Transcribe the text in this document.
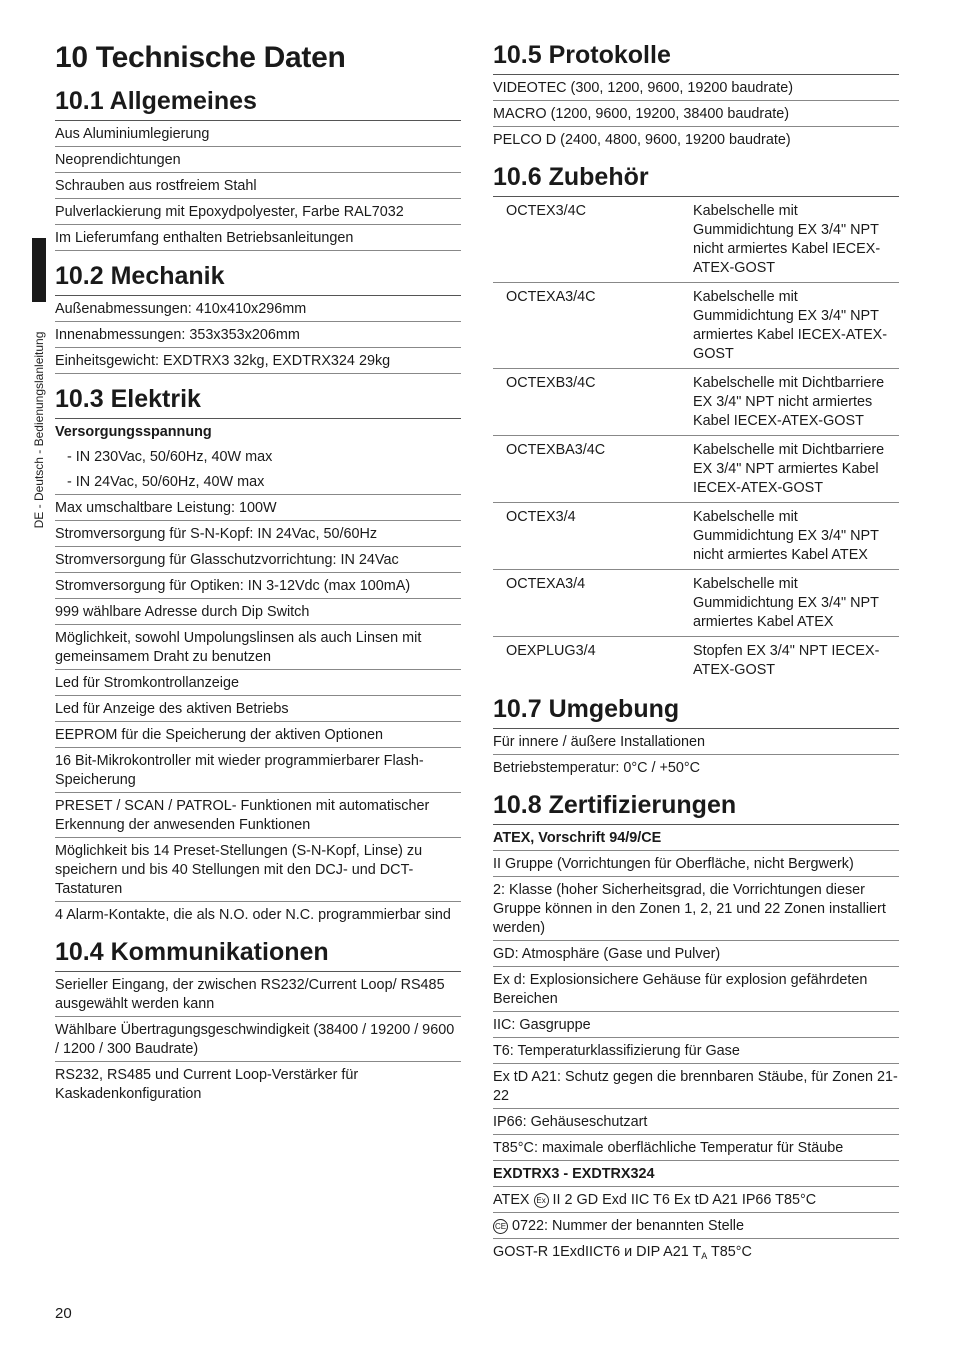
DE - Deutsch - Bedienungslanleitung
10 Technische Daten
10.1 Allgemeines
Aus Aluminiumlegierung
Neoprendichtungen
Schrauben aus rostfreiem Stahl
Pulverlackierung mit Epoxydpolyester, Farbe RAL7032
Im Lieferumfang enthalten Betriebsanleitungen
10.2 Mechanik
Außenabmessungen: 410x410x296mm
Innenabmessungen: 353x353x206mm
Einheitsgewicht: EXDTRX3 32kg, EXDTRX324 29kg
10.3 Elektrik
Versorgungsspannung
- IN 230Vac, 50/60Hz, 40W max
- IN 24Vac, 50/60Hz, 40W max
Max umschaltbare Leistung: 100W
Stromversorgung für S-N-Kopf: IN 24Vac, 50/60Hz
Stromversorgung für Glasschutzvorrichtung: IN 24Vac
Stromversorgung für Optiken: IN 3-12Vdc (max 100mA)
999 wählbare Adresse durch Dip Switch
Möglichkeit, sowohl Umpolungslinsen als auch Linsen mit gemeinsamem Draht zu benutzen
Led für Stromkontrollanzeige
Led für Anzeige des aktiven Betriebs
EEPROM für die Speicherung der aktiven Optionen
16 Bit-Mikrokontroller mit wieder programmierbarer Flash-Speicherung
PRESET / SCAN / PATROL- Funktionen mit automatischer Erkennung der anwesenden Funktionen
Möglichkeit bis 14 Preset-Stellungen (S-N-Kopf, Linse) zu speichern und bis 40 Stellungen mit den DCJ- und DCT- Tastaturen
4 Alarm-Kontakte, die als N.O. oder N.C. programmierbar sind
10.4 Kommunikationen
Serieller Eingang, der zwischen RS232/Current Loop/ RS485 ausgewählt werden kann
Wählbare Übertragungsgeschwindigkeit (38400 / 19200 / 9600 / 1200 / 300 Baudrate)
RS232, RS485 und Current Loop-Verstärker für Kaskadenkonfiguration
10.5 Protokolle
VIDEOTEC (300, 1200, 9600, 19200 baudrate)
MACRO (1200, 9600, 19200, 38400 baudrate)
PELCO D (2400, 4800, 9600, 19200 baudrate)
10.6 Zubehör
OCTEX3/4C	Kabelschelle mit Gummidichtung EX 3/4" NPT nicht armiertes Kabel IECEX-ATEX-GOST
OCTEXA3/4C	Kabelschelle mit Gummidichtung EX 3/4" NPT armiertes Kabel IECEX-ATEX-GOST
OCTEXB3/4C	Kabelschelle mit Dichtbarriere EX 3/4" NPT nicht armiertes Kabel IECEX-ATEX-GOST
OCTEXBA3/4C	Kabelschelle mit Dichtbarriere EX 3/4" NPT armiertes Kabel IECEX-ATEX-GOST
OCTEX3/4	Kabelschelle mit Gummidichtung EX 3/4" NPT nicht armiertes Kabel ATEX
OCTEXA3/4	Kabelschelle mit Gummidichtung EX 3/4" NPT armiertes Kabel ATEX
OEXPLUG3/4	Stopfen EX 3/4" NPT IECEX-ATEX-GOST
10.7 Umgebung
Für innere / äußere Installationen
Betriebstemperatur: 0°C / +50°C
10.8 Zertifizierungen
ATEX, Vorschrift 94/9/CE
II Gruppe (Vorrichtungen für Oberfläche, nicht Bergwerk)
2: Klasse (hoher Sicherheitsgrad, die Vorrichtungen dieser Gruppe können in den Zonen 1, 2, 21 und 22 Zonen installiert werden)
GD: Atmosphäre (Gase und Pulver)
Ex d: Explosionsichere Gehäuse für explosion gefährdeten Bereichen
IIC: Gasgruppe
T6: Temperaturklassifizierung für Gase
Ex tD A21: Schutz gegen die brennbaren Stäube, für Zonen 21-22
IP66: Gehäuseschutzart
T85°C: maximale oberflächliche Temperatur für Stäube
EXDTRX3 - EXDTRX324
ATEX Ex II 2 GD Exd IIC T6 Ex tD A21 IP66 T85°C
CE 0722: Nummer der benannten Stelle
GOST-R 1ExdIICT6 и DIP A21 $T_A$ T85°C
20
